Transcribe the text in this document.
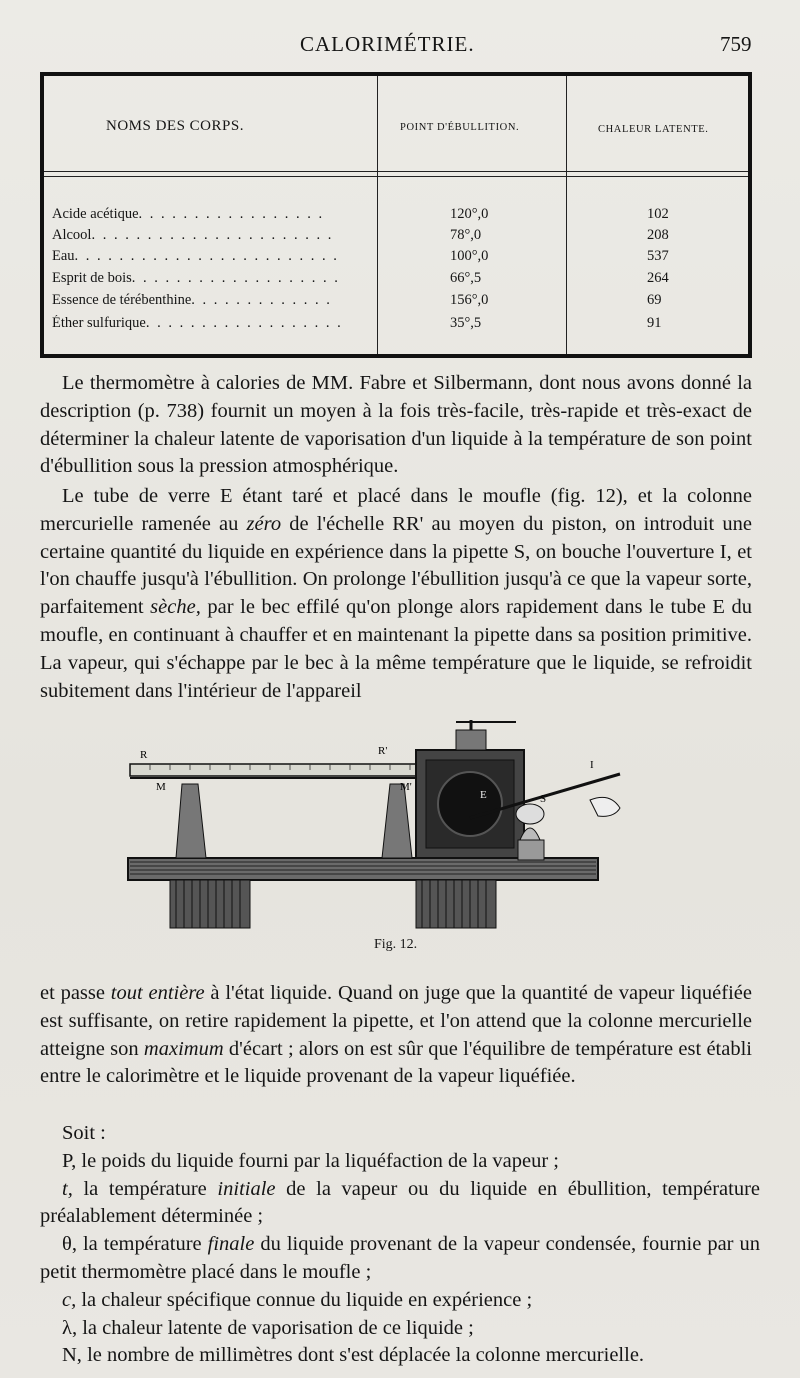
CALORIMÉTRIE.	759
NOMS DES CORPS.	POINT D'ÉBULLITION.	CHALEUR LATENTE.
Acide acétique. . . . . . . . . . . . . . . . .	120°,0	102
Alcool. . . . . . . . . . . . . . . . . . . . . .	78°,0	208
Eau. . . . . . . . . . . . . . . . . . . . . . . .	100°,0	537
Esprit de bois. . . . . . . . . . . . . . . . . . .	66°,5	264
Essence de térébenthine. . . . . . . . . . . . .	156°,0	69
Éther sulfurique. . . . . . . . . . . . . . . . . .	35°,5	91

Le thermomètre à calories de MM. Fabre et Silbermann, dont nous avons donné la description (p. 738) fournit un moyen à la fois très-facile, très-rapide et très-exact de déterminer la chaleur latente de vaporisation d'un liquide à la température de son point d'ébullition sous la pression atmosphérique.

Le tube de verre E étant taré et placé dans le moufle (fig. 12), et la colonne mercurielle ramenée au zéro de l'échelle RR' au moyen du piston, on introduit une certaine quantité du liquide en expérience dans la pipette S, on bouche l'ouverture I, et l'on chauffe jusqu'à l'ébullition. On prolonge l'ébullition jusqu'à ce que la vapeur sorte, parfaitement sèche, par le bec effilé qu'on plonge alors rapidement dans le tube E du moufle, en continuant à chauffer et en maintenant la pipette dans sa position primitive. La vapeur, qui s'échappe par le bec à la même température que le liquide, se refroidit subitement dans l'intérieur de l'appareil

R	R'
M	M'
I
S
E
Fig. 12.

et passe tout entière à l'état liquide. Quand on juge que la quantité de vapeur liquéfiée est suffisante, on retire rapidement la pipette, et l'on attend que la colonne mercurielle atteigne son maximum d'écart ; alors on est sûr que l'équilibre de température est établi entre le calorimètre et le liquide provenant de la vapeur liquéfiée.

Soit :
P, le poids du liquide fourni par la liquéfaction de la vapeur ;
t, la température initiale de la vapeur ou du liquide en ébullition, température préalablement déterminée ;
θ, la température finale du liquide provenant de la vapeur condensée, fournie par un petit thermomètre placé dans le moufle ;
c, la chaleur spécifique connue du liquide en expérience ;
λ, la chaleur latente de vaporisation de ce liquide ;
N, le nombre de millimètres dont s'est déplacée la colonne mercurielle.
